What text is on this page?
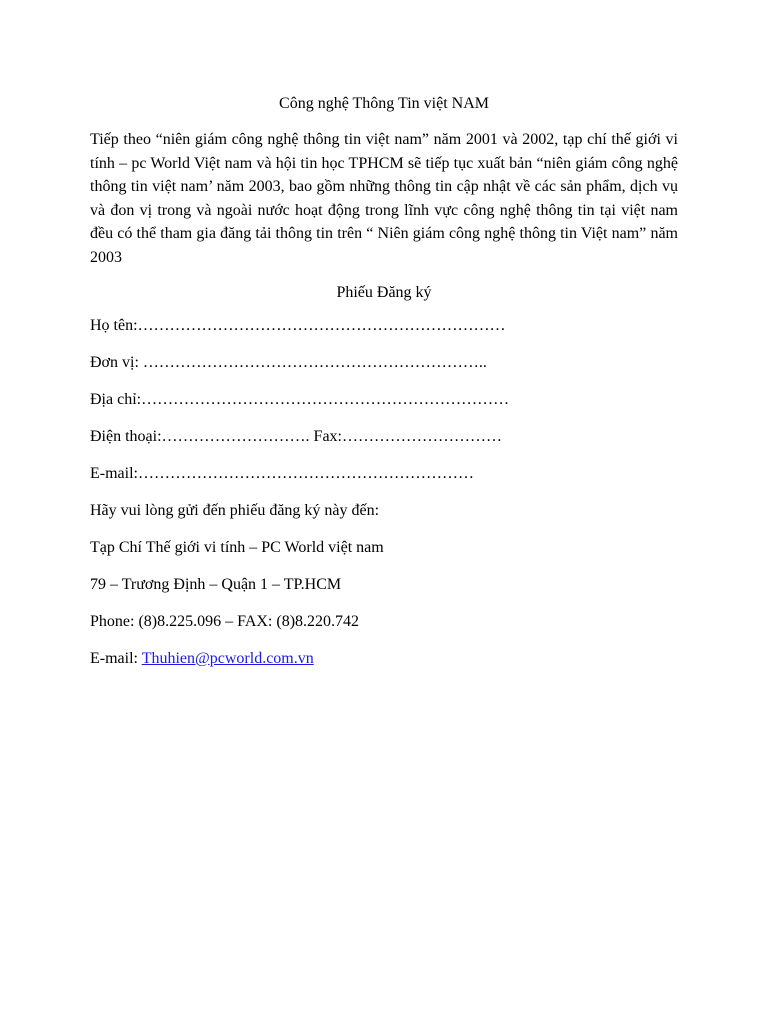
Công nghệ Thông Tin việt NAM

Tiếp theo “niên giám công nghệ thông tin việt nam” năm 2001 và 2002, tạp chí thế giới vi tính – pc World Việt nam và hội tin học TPHCM sẽ tiếp tục xuất bản “niên giám công nghệ thông tin việt nam’ năm 2003, bao gồm những thông tin cập nhật về các sản phẩm, dịch vụ và đon vị trong và ngoài nước hoạt động trong lĩnh vực công nghệ thông tin tại việt nam đều có thể tham gia đăng tải thông tin trên “ Niên giám công nghệ thông tin Việt nam” năm 2003

Phiếu Đăng ký

Họ tên:……………………………………………………………

Đơn vị: ………………………………………………………..

Địa chỉ:……………………………………………………………

Điện thoại:………………………. Fax:…………………………

E-mail:………………………………………………………

Hãy vui lòng gửi đến phiếu đăng ký này đến:

Tạp Chí Thế giới vi tính – PC World việt nam

79 – Trương Định – Quận 1 – TP.HCM

Phone: (8)8.225.096 – FAX: (8)8.220.742

E-mail: Thuhien@pcworld.com.vn
